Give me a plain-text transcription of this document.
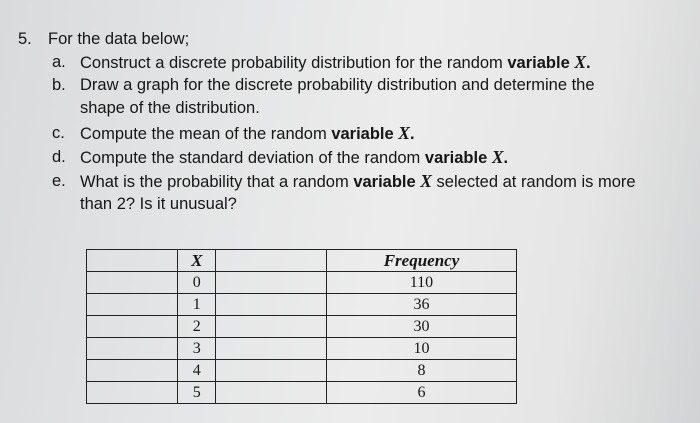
5. For the data below;
a. Construct a discrete probability distribution for the random variable X.
b. Draw a graph for the discrete probability distribution and determine the
shape of the distribution.
c. Compute the mean of the random variable X.
d. Compute the standard deviation of the random variable X.
e. What is the probability that a random variable X selected at random is more
than 2? Is it unusual?
	X		Frequency
	0		110
	1		36
	2		30
	3		10
	4		8
	5		6
